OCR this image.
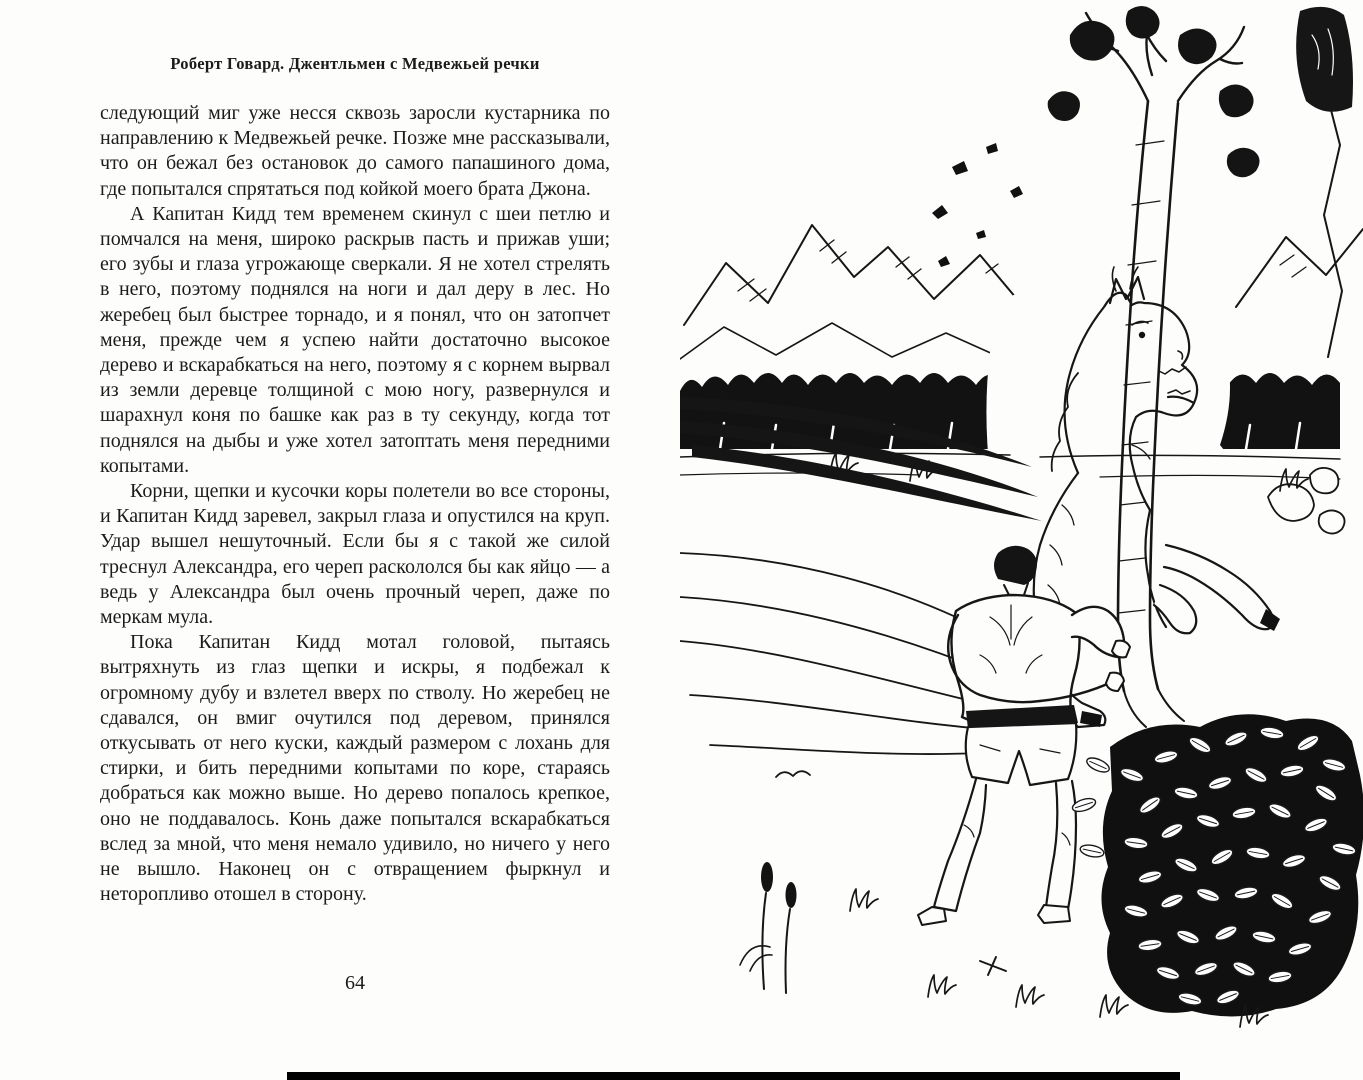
Роберт Говард. Джентльмен с Медвежьей речки

следующий миг уже несся сквозь заросли кустарника по направлению к Медвежьей речке. Позже мне рассказывали, что он бежал без остановок до самого папашиного дома, где попытался спрятаться под койкой моего брата Джона.

А Капитан Кидд тем временем скинул с шеи петлю и помчался на меня, широко раскрыв пасть и прижав уши; его зубы и глаза угрожающе сверкали. Я не хотел стрелять в него, поэтому поднялся на ноги и дал деру в лес. Но жеребец был быстрее торнадо, и я понял, что он затопчет меня, прежде чем я успею найти достаточно высокое дерево и вскарабкаться на него, поэтому я с корнем вырвал из земли деревце толщиной с мою ногу, развернулся и шарахнул коня по башке как раз в ту секунду, когда тот поднялся на дыбы и уже хотел затоптать меня передними копытами.

Корни, щепки и кусочки коры полетели во все стороны, и Капитан Кидд заревел, закрыл глаза и опустился на круп. Удар вышел нешуточный. Если бы я с такой же силой треснул Александра, его череп раскололся бы как яйцо — а ведь у Александра был очень прочный череп, даже по меркам мула.

Пока Капитан Кидд мотал головой, пытаясь вытряхнуть из глаз щепки и искры, я подбежал к огромному дубу и взлетел вверх по стволу. Но жеребец не сдавался, он вмиг очутился под деревом, принялся откусывать от него куски, каждый размером с лохань для стирки, и бить передними копытами по коре, стараясь добраться как можно выше. Но дерево попалось крепкое, оно не поддавалось. Конь даже попытался вскарабкаться вслед за мной, что меня немало удивило, но ничего у него не вышло. Наконец он с отвращением фыркнул и неторопливо отошел в сторону.

64
